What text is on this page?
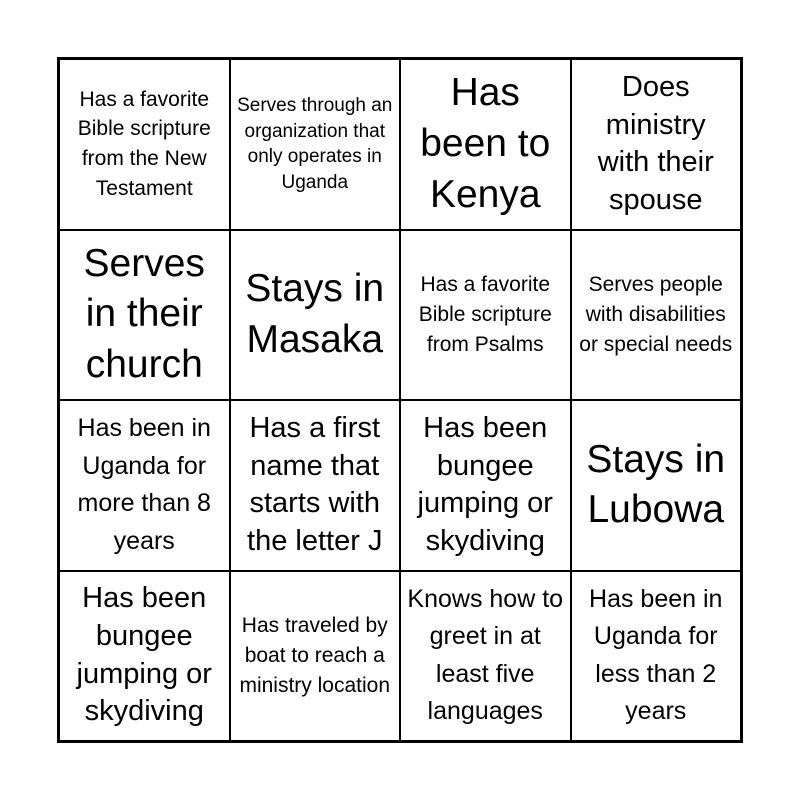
Has a favorite Bible scripture from the New Testament
Serves through an organization that only operates in Uganda
Has been to Kenya
Does ministry with their spouse
Serves in their church
Stays in Masaka
Has a favorite Bible scripture from Psalms
Serves people with disabilities or special needs
Has been in Uganda for more than 8 years
Has a first name that starts with the letter J
Has been bungee jumping or skydiving
Stays in Lubowa
Has been bungee jumping or skydiving
Has traveled by boat to reach a ministry location
Knows how to greet in at least five languages
Has been in Uganda for less than 2 years
